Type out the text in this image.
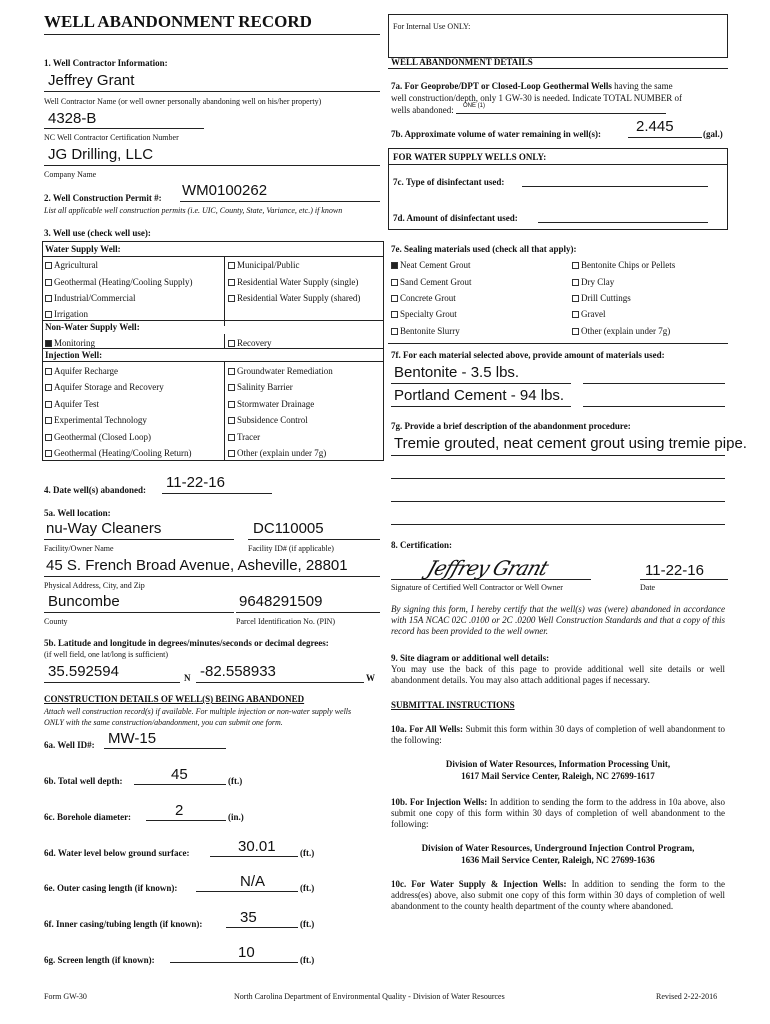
WELL ABANDONMENT RECORD	For Internal Use ONLY:
1. Well Contractor Information:
Jeffrey Grant
Well Contractor Name (or well owner personally abandoning well on his/her property)
4328-B
NC Well Contractor Certification Number
JG Drilling, LLC
Company Name
2. Well Construction Permit #: WM0100262
List all applicable well construction permits (i.e. UIC, County, State, Variance, etc.) if known
3. Well use (check well use):
Water Supply Well:
Agricultural
Geothermal (Heating/Cooling Supply)
Industrial/Commercial
Irrigation
Municipal/Public
Residential Water Supply (single)
Residential Water Supply (shared)
Non-Water Supply Well:
Monitoring	Recovery
Injection Well:
Aquifer Recharge
Aquifer Storage and Recovery
Aquifer Test
Experimental Technology
Geothermal (Closed Loop)
Geothermal (Heating/Cooling Return)
Groundwater Remediation
Salinity Barrier
Stormwater Drainage
Subsidence Control
Tracer
Other (explain under 7g)
4. Date well(s) abandoned: 11-22-16
5a. Well location:
nu-Way Cleaners
Facility/Owner Name
DC110005
Facility ID# (if applicable)
45 S. French Broad Avenue, Asheville, 28801
Physical Address, City, and Zip
Buncombe
County
9648291509
Parcel Identification No. (PIN)
5b. Latitude and longitude in degrees/minutes/seconds or decimal degrees:
(if well field, one lat/long is sufficient)
35.592594	N -82.558933	W
CONSTRUCTION DETAILS OF WELL(S) BEING ABANDONED
Attach well construction record(s) if available. For multiple injection or non-water supply wells
ONLY with the same construction/abandonment, you can submit one form.
6a. Well ID#: MW-15
6b. Total well depth:	45	(ft.)
6c. Borehole diameter:	2	(in.)
6d. Water level below ground surface:	30.01	(ft.)
6e. Outer casing length (if known):	N/A	(ft.)
6f. Inner casing/tubing length (if known):	35	(ft.)
6g. Screen length (if known):	10	(ft.)
WELL ABANDONMENT DETAILS
7a. For Geoprobe/DPT or Closed-Loop Geothermal Wells having the same
well construction/depth, only 1 GW-30 is needed. Indicate TOTAL NUMBER of
wells abandoned: ONE (1)
7b. Approximate volume of water remaining in well(s): 2.445	(gal.)
FOR WATER SUPPLY WELLS ONLY:
7c. Type of disinfectant used:
7d. Amount of disinfectant used:
7e. Sealing materials used (check all that apply):
Neat Cement Grout
Sand Cement Grout
Concrete Grout
Specialty Grout
Bentonite Slurry
Bentonite Chips or Pellets
Dry Clay
Drill Cuttings
Gravel
Other (explain under 7g)
7f. For each material selected above, provide amount of materials used:
Bentonite - 3.5 lbs.
Portland Cement - 94 lbs.
7g. Provide a brief description of the abandonment procedure:
Tremie grouted, neat cement grout using tremie pipe.
8. Certification:
Jeffrey Grant
Signature of Certified Well Contractor or Well Owner
11-22-16
Date
By signing this form, I hereby certify that the well(s) was (were) abandoned in accordance with 15A NCAC 02C .0100 or 2C .0200 Well Construction Standards and that a copy of this record has been provided to the well owner.
9. Site diagram or additional well details:
You may use the back of this page to provide additional well site details or well abandonment details. You may also attach additional pages if necessary.
SUBMITTAL INSTRUCTIONS
10a. For All Wells: Submit this form within 30 days of completion of well abandonment to the following:
Division of Water Resources, Information Processing Unit,
1617 Mail Service Center, Raleigh, NC 27699-1617
10b. For Injection Wells: In addition to sending the form to the address in 10a above, also submit one copy of this form within 30 days of completion of well abandonment to the following:
Division of Water Resources, Underground Injection Control Program,
1636 Mail Service Center, Raleigh, NC 27699-1636
10c. For Water Supply & Injection Wells: In addition to sending the form to the address(es) above, also submit one copy of this form within 30 days of completion of well abandonment to the county health department of the county where abandoned.
Form GW-30	North Carolina Department of Environmental Quality - Division of Water Resources	Revised 2-22-2016
